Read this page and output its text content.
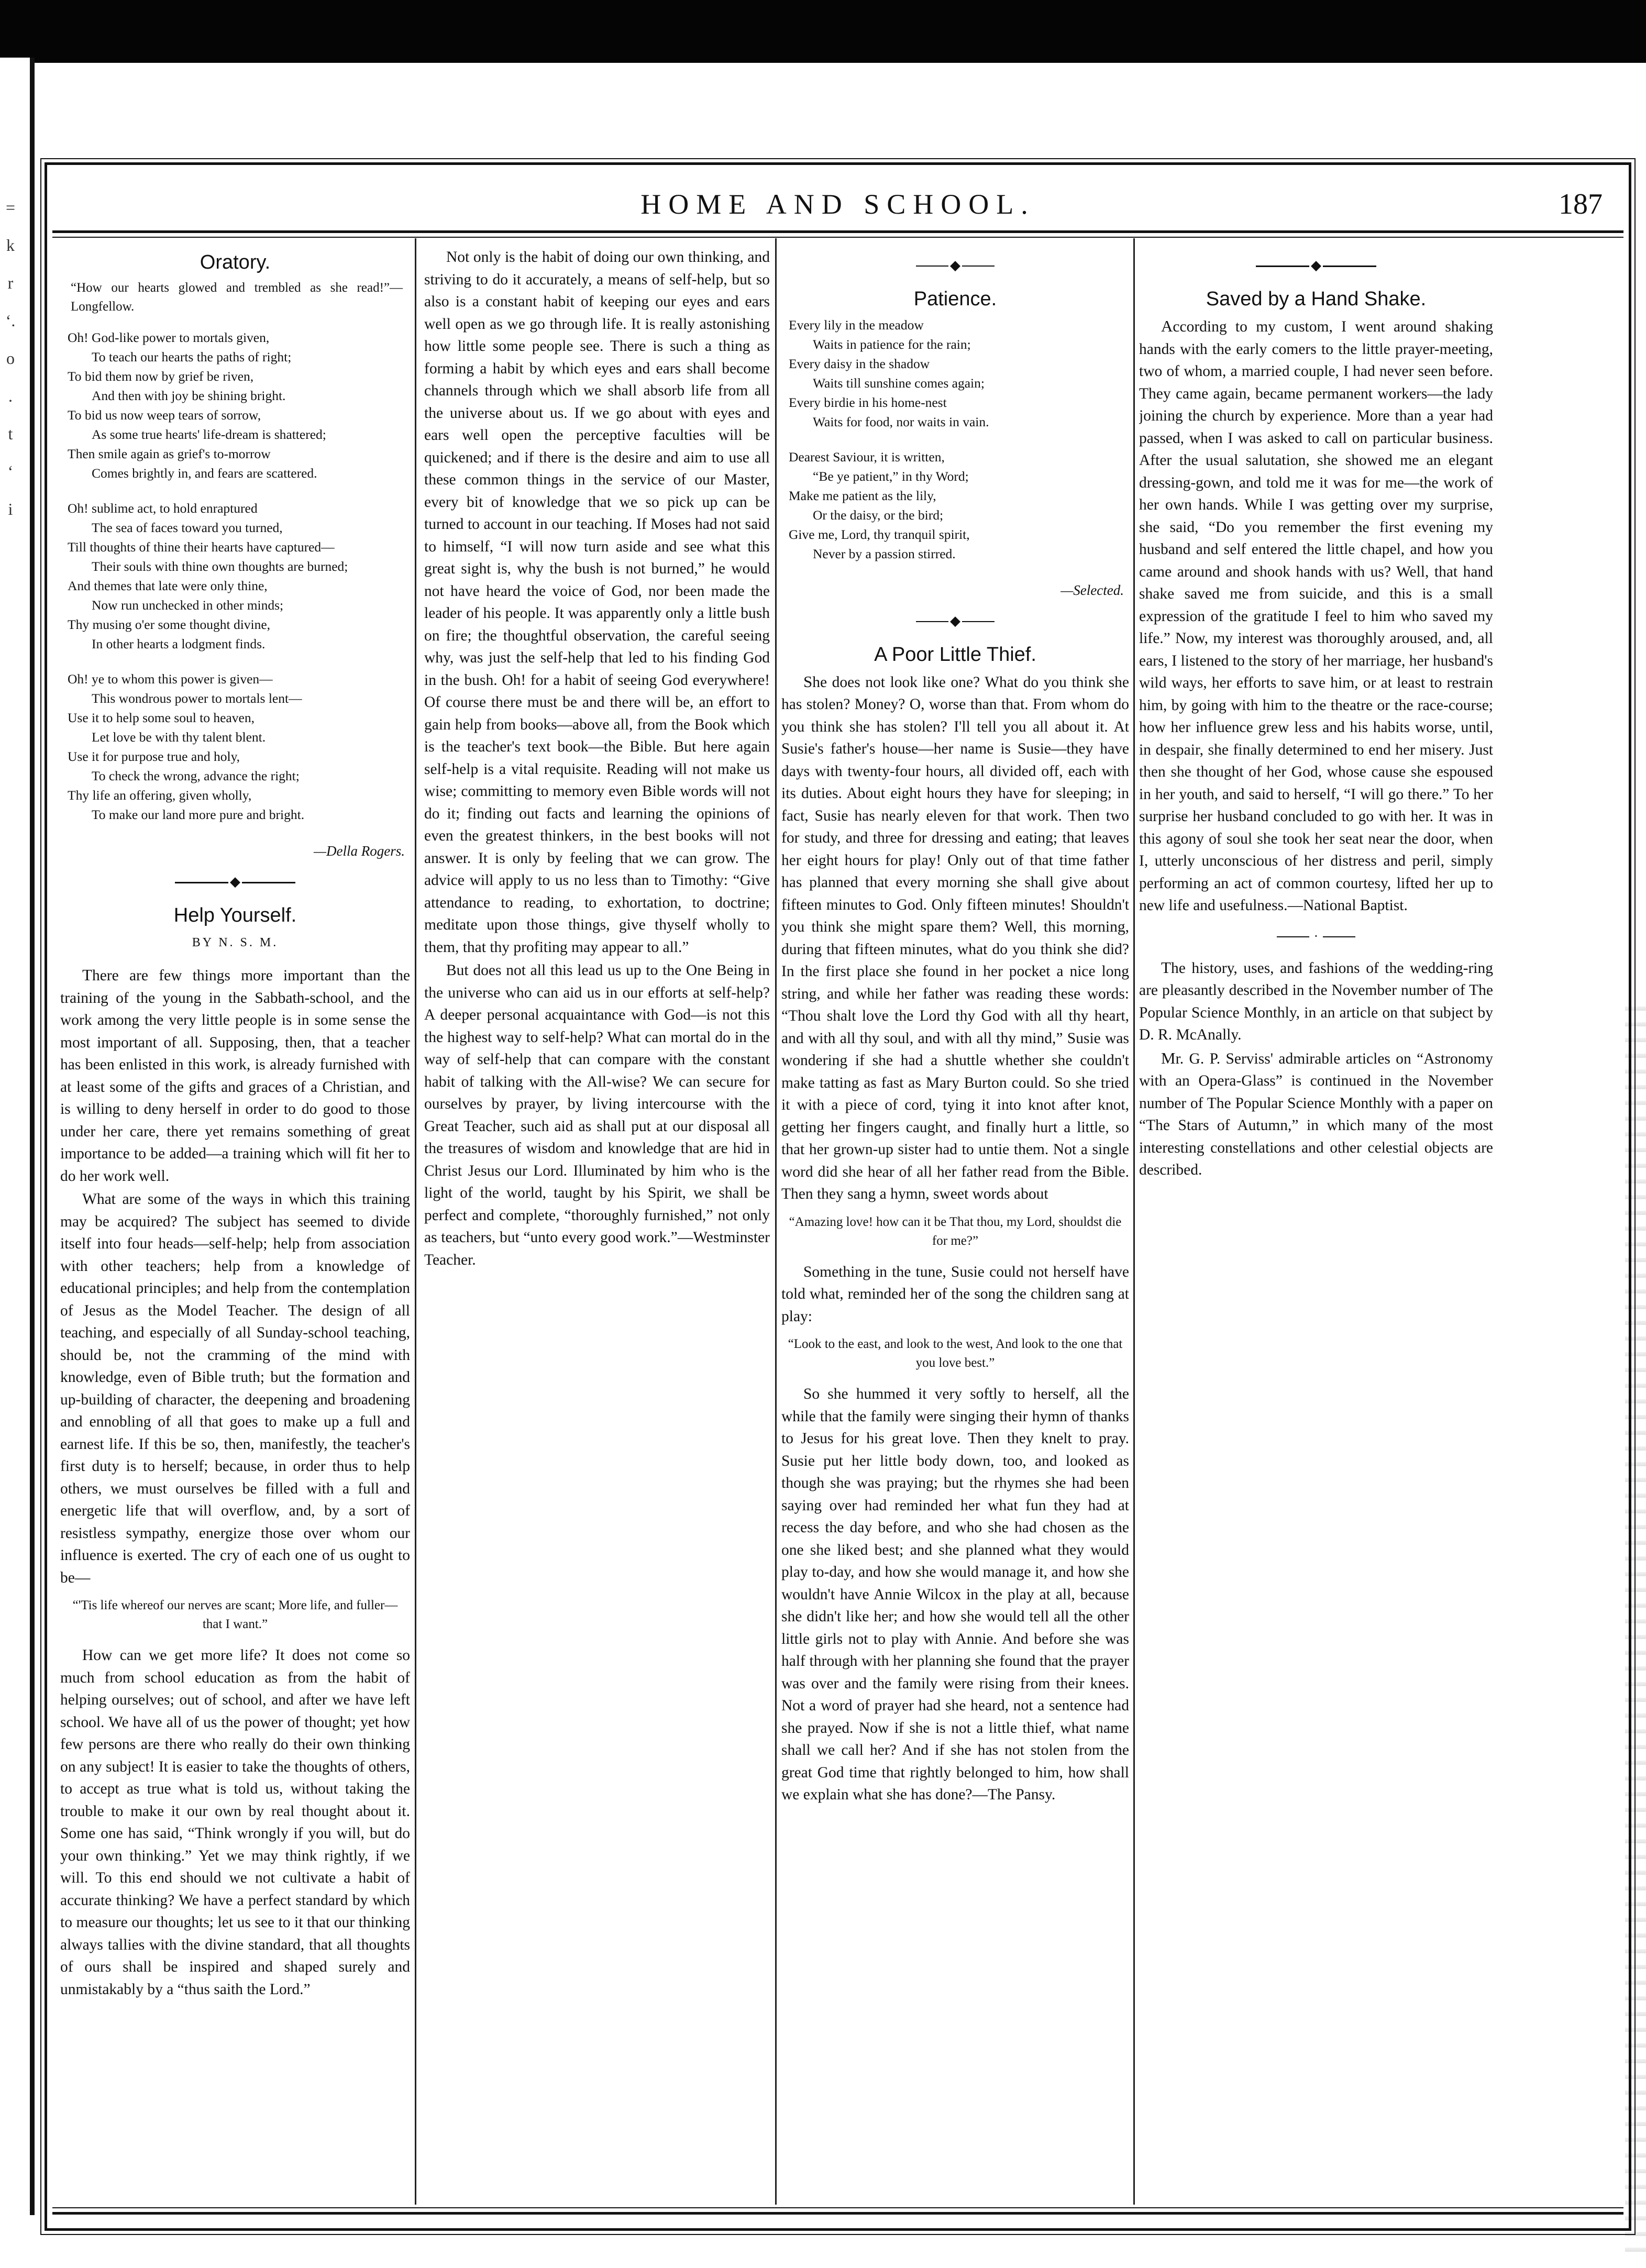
=
k
r
‘.
o
.
t
‘
i
HOME AND SCHOOL.	187
Oratory.
“How our hearts glowed and trembled as she read!”—Longfellow.
Oh! God-like power to mortals given,
To teach our hearts the paths of right;
To bid them now by grief be riven,
And then with joy be shining bright.
To bid us now weep tears of sorrow,
As some true hearts' life-dream is shattered;
Then smile again as grief's to-morrow
Comes brightly in, and fears are scattered.
Oh! sublime act, to hold enraptured
The sea of faces toward you turned,
Till thoughts of thine their hearts have captured—
Their souls with thine own thoughts are burned;
And themes that late were only thine,
Now run unchecked in other minds;
Thy musing o'er some thought divine,
In other hearts a lodgment finds.
Oh! ye to whom this power is given—
This wondrous power to mortals lent—
Use it to help some soul to heaven,
Let love be with thy talent blent.
Use it for purpose true and holy,
To check the wrong, advance the right;
Thy life an offering, given wholly,
To make our land more pure and bright.
—Della Rogers.
◆
Help Yourself.
BY N. S. M.

There are few things more important than the training of the young in the Sabbath-school, and the work among the very little people is in some sense the most important of all. Supposing, then, that a teacher has been enlisted in this work, is already furnished with at least some of the gifts and graces of a Christian, and is willing to deny herself in order to do good to those under her care, there yet remains something of great importance to be added—a training which will fit her to do her work well.

What are some of the ways in which this training may be acquired? The subject has seemed to divide itself into four heads—self-help; help from association with other teachers; help from a knowledge of educational principles; and help from the contemplation of Jesus as the Model Teacher. The design of all teaching, and especially of all Sunday-school teaching, should be, not the cramming of the mind with knowledge, even of Bible truth; but the formation and up-building of character, the deepening and broadening and ennobling of all that goes to make up a full and earnest life. If this be so, then, manifestly, the teacher's first duty is to herself; because, in order thus to help others, we must ourselves be filled with a full and energetic life that will overflow, and, by a sort of resistless sympathy, energize those over whom our influence is exerted. The cry of each one of us ought to be—

“'Tis life whereof our nerves are scant; More life, and fuller—that I want.”

How can we get more life? It does not come so much from school education as from the habit of helping ourselves; out of school, and after we have left school. We have all of us the power of thought; yet how few persons are there who really do their own thinking on any subject! It is easier to take the thoughts of others, to accept as true what is told us, without taking the trouble to make it our own by real thought about it. Some one has said, “Think wrongly if you will, but do your own thinking.” Yet we may think rightly, if we will. To this end should we not cultivate a habit of accurate thinking? We have a perfect standard by which to measure our thoughts; let us see to it that our thinking always tallies with the divine standard, that all thoughts of ours shall be inspired and shaped surely and unmistakably by a “thus saith the Lord.”

Not only is the habit of doing our own thinking, and striving to do it accurately, a means of self-help, but so also is a constant habit of keeping our eyes and ears well open as we go through life. It is really astonishing how little some people see. There is such a thing as forming a habit by which eyes and ears shall become channels through which we shall absorb life from all the universe about us. If we go about with eyes and ears well open the perceptive faculties will be quickened; and if there is the desire and aim to use all these common things in the service of our Master, every bit of knowledge that we so pick up can be turned to account in our teaching. If Moses had not said to himself, “I will now turn aside and see what this great sight is, why the bush is not burned,” he would not have heard the voice of God, nor been made the leader of his people. It was apparently only a little bush on fire; the thoughtful observation, the careful seeing why, was just the self-help that led to his finding God in the bush. Oh! for a habit of seeing God everywhere! Of course there must be and there will be, an effort to gain help from books—above all, from the Book which is the teacher's text book—the Bible. But here again self-help is a vital requisite. Reading will not make us wise; committing to memory even Bible words will not do it; finding out facts and learning the opinions of even the greatest thinkers, in the best books will not answer. It is only by feeling that we can grow. The advice will apply to us no less than to Timothy: “Give attendance to reading, to exhortation, to doctrine; meditate upon those things, give thyself wholly to them, that thy profiting may appear to all.”

But does not all this lead us up to the One Being in the universe who can aid us in our efforts at self-help? A deeper personal acquaintance with God—is not this the highest way to self-help? What can mortal do in the way of self-help that can compare with the constant habit of talking with the All-wise? We can secure for ourselves by prayer, by living intercourse with the Great Teacher, such aid as shall put at our disposal all the treasures of wisdom and knowledge that are hid in Christ Jesus our Lord. Illuminated by him who is the light of the world, taught by his Spirit, we shall be perfect and complete, “thoroughly furnished,” not only as teachers, but “unto every good work.”—Westminster Teacher.

◆
Patience.
Every lily in the meadow
Waits in patience for the rain;
Every daisy in the shadow
Waits till sunshine comes again;
Every birdie in his home-nest
Waits for food, nor waits in vain.
Dearest Saviour, it is written,
“Be ye patient,” in thy Word;
Make me patient as the lily,
Or the daisy, or the bird;
Give me, Lord, thy tranquil spirit,
Never by a passion stirred.
—Selected.
◆
A Poor Little Thief.

She does not look like one? What do you think she has stolen? Money? O, worse than that. From whom do you think she has stolen? I'll tell you all about it. At Susie's father's house—her name is Susie—they have days with twenty-four hours, all divided off, each with its duties. About eight hours they have for sleeping; in fact, Susie has nearly eleven for that work. Then two for study, and three for dressing and eating; that leaves her eight hours for play! Only out of that time father has planned that every morning she shall give about fifteen minutes to God. Only fifteen minutes! Shouldn't you think she might spare them? Well, this morning, during that fifteen minutes, what do you think she did? In the first place she found in her pocket a nice long string, and while her father was reading these words: “Thou shalt love the Lord thy God with all thy heart, and with all thy soul, and with all thy mind,” Susie was wondering if she had a shuttle whether she couldn't make tatting as fast as Mary Burton could. So she tried it with a piece of cord, tying it into knot after knot, getting her fingers caught, and finally hurt a little, so that her grown-up sister had to untie them. Not a single word did she hear of all her father read from the Bible. Then they sang a hymn, sweet words about

“Amazing love! how can it be That thou, my Lord, shouldst die for me?”

Something in the tune, Susie could not herself have told what, reminded her of the song the children sang at play:

“Look to the east, and look to the west, And look to the one that you love best.”

So she hummed it very softly to herself, all the while that the family were singing their hymn of thanks to Jesus for his great love. Then they knelt to pray. Susie put her little body down, too, and looked as though she was praying; but the rhymes she had been saying over had reminded her what fun they had at recess the day before, and who she had chosen as the one she liked best; and she planned what they would play to-day, and how she would manage it, and how she wouldn't have Annie Wilcox in the play at all, because she didn't like her; and how she would tell all the other little girls not to play with Annie. And before she was half through with her planning she found that the prayer was over and the family were rising from their knees. Not a word of prayer had she heard, not a sentence had she prayed. Now if she is not a little thief, what name shall we call her? And if she has not stolen from the great God time that rightly belonged to him, how shall we explain what she has done?—The Pansy.

◆
Saved by a Hand Shake.

According to my custom, I went around shaking hands with the early comers to the little prayer-meeting, two of whom, a married couple, I had never seen before. They came again, became permanent workers—the lady joining the church by experience. More than a year had passed, when I was asked to call on particular business. After the usual salutation, she showed me an elegant dressing-gown, and told me it was for me—the work of her own hands. While I was getting over my surprise, she said, “Do you remember the first evening my husband and self entered the little chapel, and how you came around and shook hands with us? Well, that hand shake saved me from suicide, and this is a small expression of the gratitude I feel to him who saved my life.” Now, my interest was thoroughly aroused, and, all ears, I listened to the story of her marriage, her husband's wild ways, her efforts to save him, or at least to restrain him, by going with him to the theatre or the race-course; how her influence grew less and his habits worse, until, in despair, she finally determined to end her misery. Just then she thought of her God, whose cause she espoused in her youth, and said to herself, “I will go there.” To her surprise her husband concluded to go with her. It was in this agony of soul she took her seat near the door, when I, utterly unconscious of her distress and peril, simply performing an act of common courtesy, lifted her up to new life and usefulness.—National Baptist.

·

The history, uses, and fashions of the wedding-ring are pleasantly described in the November number of The Popular Science Monthly, in an article on that subject by D. R. McAnally.

Mr. G. P. Serviss' admirable articles on “Astronomy with an Opera-Glass” is continued in the November number of The Popular Science Monthly with a paper on “The Stars of Autumn,” in which many of the most interesting constellations and other celestial objects are described.
